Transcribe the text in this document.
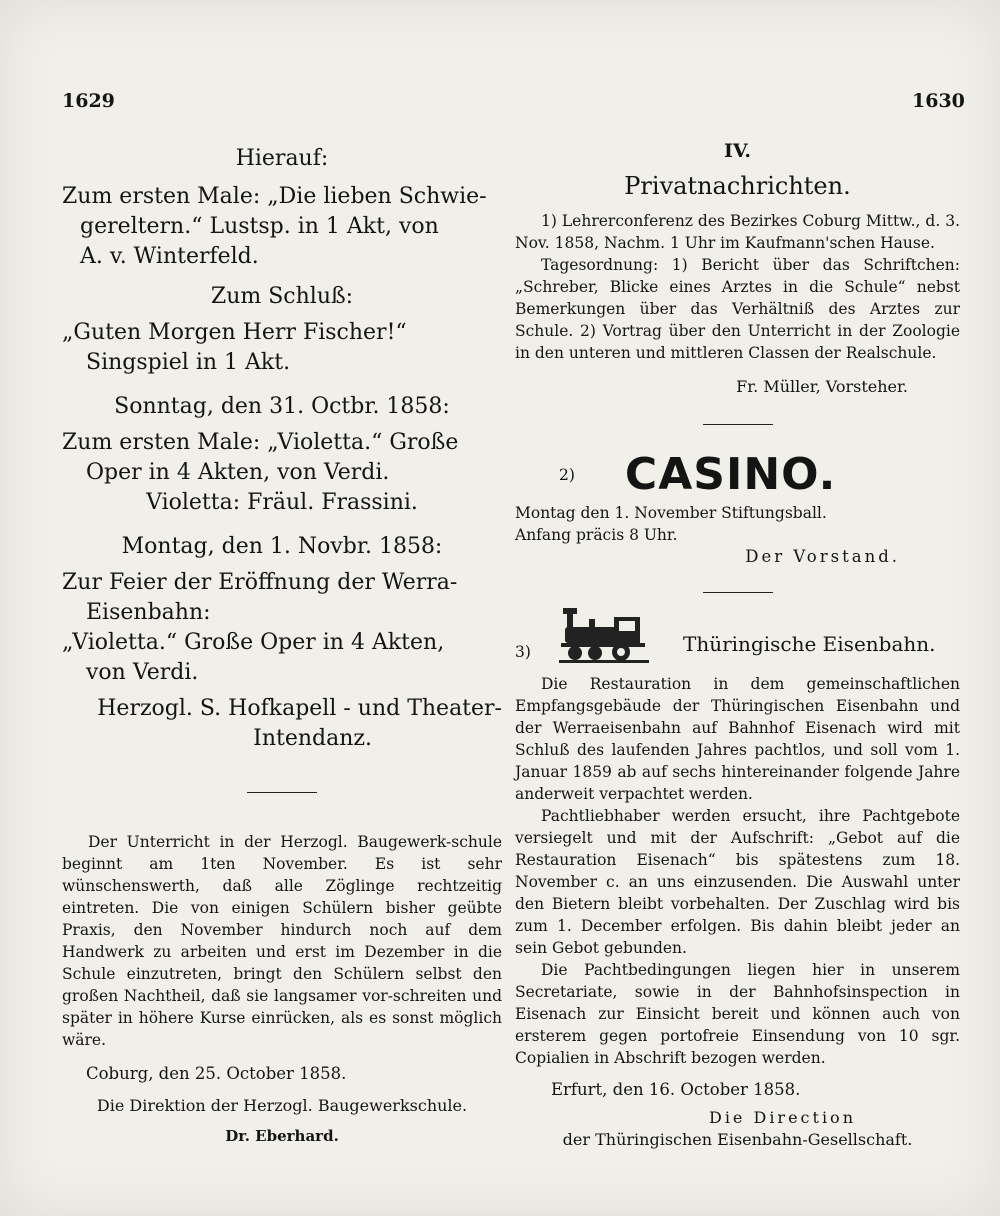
1629	1630

Hierauf:

Zum ersten Male: „Die lieben Schwie-

gereltern.“ Lustsp. in 1 Akt, von

A. v. Winterfeld.

Zum Schluß:

„Guten Morgen Herr Fischer!“

Singspiel in 1 Akt.

Sonntag, den 31. Octbr. 1858:

Zum ersten Male: „Violetta.“ Große

Oper in 4 Akten, von Verdi.

Violetta: Fräul. Frassini.

Montag, den 1. Novbr. 1858:

Zur Feier der Eröffnung der Werra-

Eisenbahn:

„Violetta.“ Große Oper in 4 Akten,

von Verdi.

Herzogl. S. Hofkapell - und Theater-

Intendanz.

Der Unterricht in der Herzogl. Baugewerk-schule beginnt am 1ten November. Es ist sehr wünschenswerth, daß alle Zöglinge rechtzeitig eintreten. Die von einigen Schülern bisher geübte Praxis, den November hindurch noch auf dem Handwerk zu arbeiten und erst im Dezember in die Schule einzutreten, bringt den Schülern selbst den großen Nachtheil, daß sie langsamer vor-schreiten und später in höhere Kurse einrücken, als es sonst möglich wäre.

Coburg, den 25. October 1858.

Die Direktion der Herzogl. Baugewerkschule.

Dr. Eberhard.

IV.

Privatnachrichten.

1) Lehrerconferenz des Bezirkes Coburg Mittw., d. 3. Nov. 1858, Nachm. 1 Uhr im Kaufmann'schen Hause.

Tagesordnung: 1) Bericht über das Schriftchen: „Schreber, Blicke eines Arztes in die Schule“ nebst Bemerkungen über das Verhältniß des Arztes zur Schule. 2) Vortrag über den Unterricht in der Zoologie in den unteren und mittleren Classen der Realschule.

Fr. Müller, Vorsteher.

2) CASINO.

Montag den 1. November Stiftungsball.

Anfang präcis 8 Uhr.

Der Vorstand.

3)	Thüringische Eisenbahn.

Die Restauration in dem gemeinschaftlichen Empfangsgebäude der Thüringischen Eisenbahn und der Werraeisenbahn auf Bahnhof Eisenach wird mit Schluß des laufenden Jahres pachtlos, und soll vom 1. Januar 1859 ab auf sechs hintereinander folgende Jahre anderweit verpachtet werden.

Pachtliebhaber werden ersucht, ihre Pachtgebote versiegelt und mit der Aufschrift: „Gebot auf die Restauration Eisenach“ bis spätestens zum 18. November c. an uns einzusenden. Die Auswahl unter den Bietern bleibt vorbehalten. Der Zuschlag wird bis zum 1. December erfolgen. Bis dahin bleibt jeder an sein Gebot gebunden.

Die Pachtbedingungen liegen hier in unserem Secretariate, sowie in der Bahnhofsinspection in Eisenach zur Einsicht bereit und können auch von ersterem gegen portofreie Einsendung von 10 sgr. Copialien in Abschrift bezogen werden.

Erfurt, den 16. October 1858.

Die Direction

der Thüringischen Eisenbahn-Gesellschaft.
